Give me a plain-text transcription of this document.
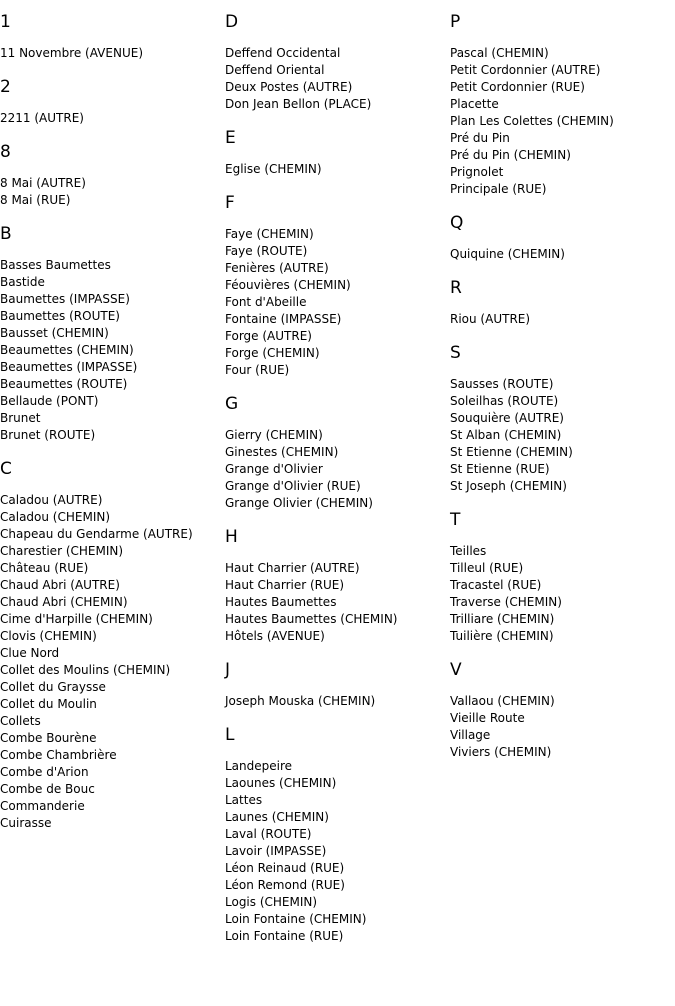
1
11 Novembre (AVENUE)
2
2211 (AUTRE)
8
8 Mai (AUTRE)
8 Mai (RUE)
B
Basses Baumettes
Bastide
Baumettes (IMPASSE)
Baumettes (ROUTE)
Bausset (CHEMIN)
Beaumettes (CHEMIN)
Beaumettes (IMPASSE)
Beaumettes (ROUTE)
Bellaude (PONT)
Brunet
Brunet (ROUTE)
C
Caladou (AUTRE)
Caladou (CHEMIN)
Chapeau du Gendarme (AUTRE)
Charestier (CHEMIN)
Château (RUE)
Chaud Abri (AUTRE)
Chaud Abri (CHEMIN)
Cime d'Harpille (CHEMIN)
Clovis (CHEMIN)
Clue Nord
Collet des Moulins (CHEMIN)
Collet du Graysse
Collet du Moulin
Collets
Combe Bourène
Combe Chambrière
Combe d'Arion
Combe de Bouc
Commanderie
Cuirasse
D
Deffend Occidental
Deffend Oriental
Deux Postes (AUTRE)
Don Jean Bellon (PLACE)
E
Eglise (CHEMIN)
F
Faye (CHEMIN)
Faye (ROUTE)
Fenières (AUTRE)
Féouvières (CHEMIN)
Font d'Abeille
Fontaine (IMPASSE)
Forge (AUTRE)
Forge (CHEMIN)
Four (RUE)
G
Gierry (CHEMIN)
Ginestes (CHEMIN)
Grange d'Olivier
Grange d'Olivier (RUE)
Grange Olivier (CHEMIN)
H
Haut Charrier (AUTRE)
Haut Charrier (RUE)
Hautes Baumettes
Hautes Baumettes (CHEMIN)
Hôtels (AVENUE)
J
Joseph Mouska (CHEMIN)
L
Landepeire
Laounes (CHEMIN)
Lattes
Launes (CHEMIN)
Laval (ROUTE)
Lavoir (IMPASSE)
Léon Reinaud (RUE)
Léon Remond (RUE)
Logis (CHEMIN)
Loin Fontaine (CHEMIN)
Loin Fontaine (RUE)
P
Pascal (CHEMIN)
Petit Cordonnier (AUTRE)
Petit Cordonnier (RUE)
Placette
Plan Les Colettes (CHEMIN)
Pré du Pin
Pré du Pin (CHEMIN)
Prignolet
Principale (RUE)
Q
Quiquine (CHEMIN)
R
Riou (AUTRE)
S
Sausses (ROUTE)
Soleilhas (ROUTE)
Souquière (AUTRE)
St Alban (CHEMIN)
St Etienne (CHEMIN)
St Etienne (RUE)
St Joseph (CHEMIN)
T
Teilles
Tilleul (RUE)
Tracastel (RUE)
Traverse (CHEMIN)
Trilliare (CHEMIN)
Tuilière (CHEMIN)
V
Vallaou (CHEMIN)
Vieille Route
Village
Viviers (CHEMIN)
